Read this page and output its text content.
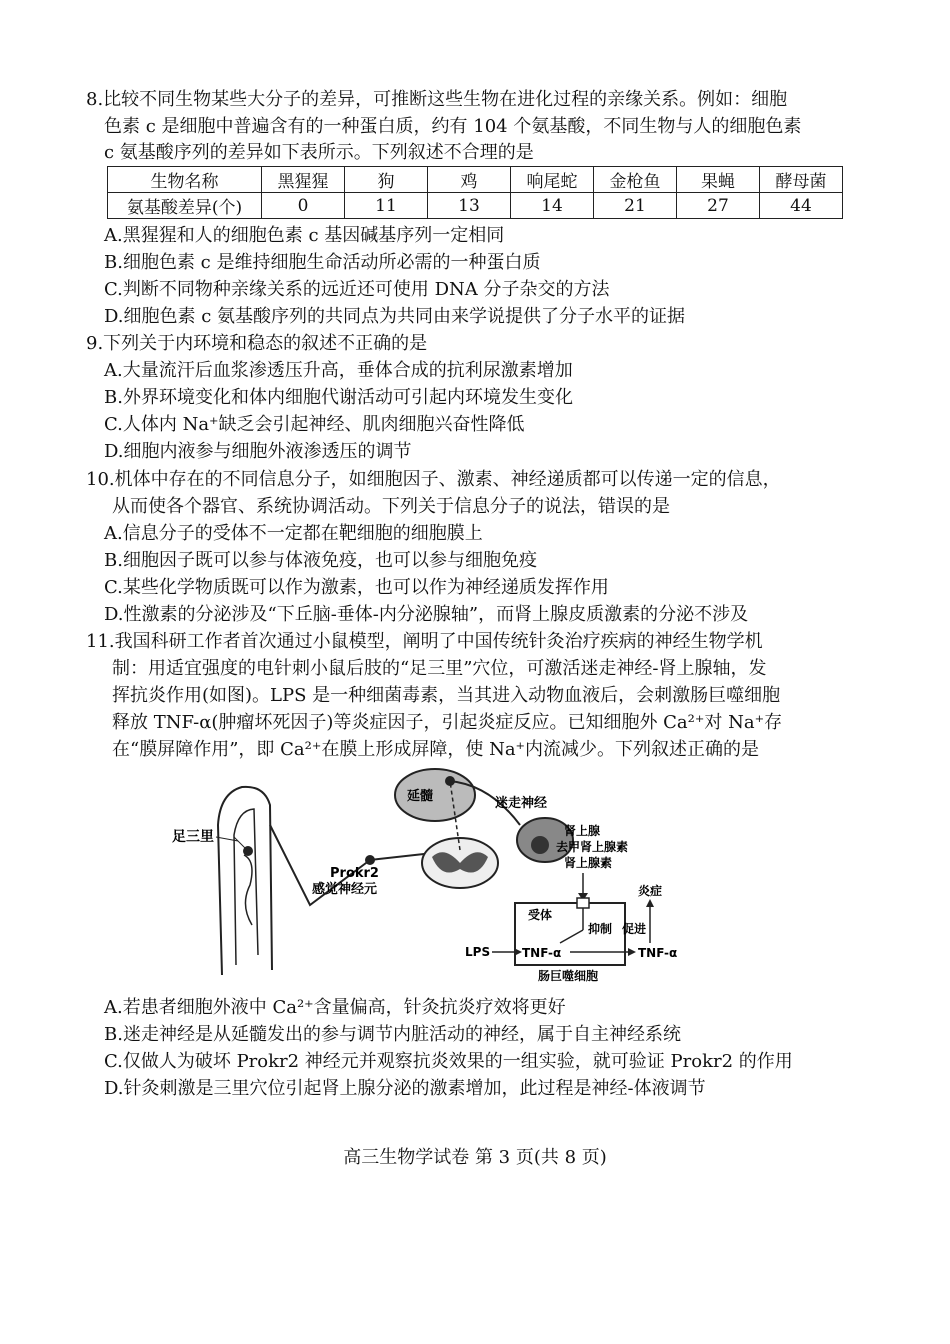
8.比较不同生物某些大分子的差异，可推断这些生物在进化过程的亲缘关系。例如：细胞
色素 c 是细胞中普遍含有的一种蛋白质，约有 104 个氨基酸，不同生物与人的细胞色素
c 氨基酸序列的差异如下表所示。下列叙述不合理的是
生物名称	黑猩猩	狗	鸡	响尾蛇	金枪鱼	果蝇	酵母菌
氨基酸差异(个)	0	11	13	14	21	27	44
A.黑猩猩和人的细胞色素 c 基因碱基序列一定相同
B.细胞色素 c 是维持细胞生命活动所必需的一种蛋白质
C.判断不同物种亲缘关系的远近还可使用 DNA 分子杂交的方法
D.细胞色素 c 氨基酸序列的共同点为共同由来学说提供了分子水平的证据
9.下列关于内环境和稳态的叙述不正确的是
A.大量流汗后血浆渗透压升高，垂体合成的抗利尿激素增加
B.外界环境变化和体内细胞代谢活动可引起内环境发生变化
C.人体内 Na⁺缺乏会引起神经、肌肉细胞兴奋性降低
D.细胞内液参与细胞外液渗透压的调节
10.机体中存在的不同信息分子，如细胞因子、激素、神经递质都可以传递一定的信息，
从而使各个器官、系统协调活动。下列关于信息分子的说法，错误的是
A.信息分子的受体不一定都在靶细胞的细胞膜上
B.细胞因子既可以参与体液免疫，也可以参与细胞免疫
C.某些化学物质既可以作为激素，也可以作为神经递质发挥作用
D.性激素的分泌涉及“下丘脑-垂体-内分泌腺轴”，而肾上腺皮质激素的分泌不涉及
11.我国科研工作者首次通过小鼠模型，阐明了中国传统针灸治疗疾病的神经生物学机
制：用适宜强度的电针刺小鼠后肢的“足三里”穴位，可激活迷走神经-肾上腺轴，发
挥抗炎作用(如图)。LPS 是一种细菌毒素，当其进入动物血液后，会刺激肠巨噬细胞
释放 TNF-α(肿瘤坏死因子)等炎症因子，引起炎症反应。已知细胞外 Ca²⁺对 Na⁺存
在“膜屏障作用”，即 Ca²⁺在膜上形成屏障，使 Na⁺内流减少。下列叙述正确的是
足三里
Prokr2
感觉神经元
延髓	迷走神经
肾上腺
去甲肾上腺素
肾上腺素
受体
抑制
TNF-α
肠巨噬细胞
LPS	TNF-α
炎症
促进
A.若患者细胞外液中 Ca²⁺含量偏高，针灸抗炎疗效将更好
B.迷走神经是从延髓发出的参与调节内脏活动的神经，属于自主神经系统
C.仅做人为破坏 Prokr2 神经元并观察抗炎效果的一组实验，就可验证 Prokr2 的作用
D.针灸刺激是三里穴位引起肾上腺分泌的激素增加，此过程是神经-体液调节
高三生物学试卷 第 3 页(共 8 页)
